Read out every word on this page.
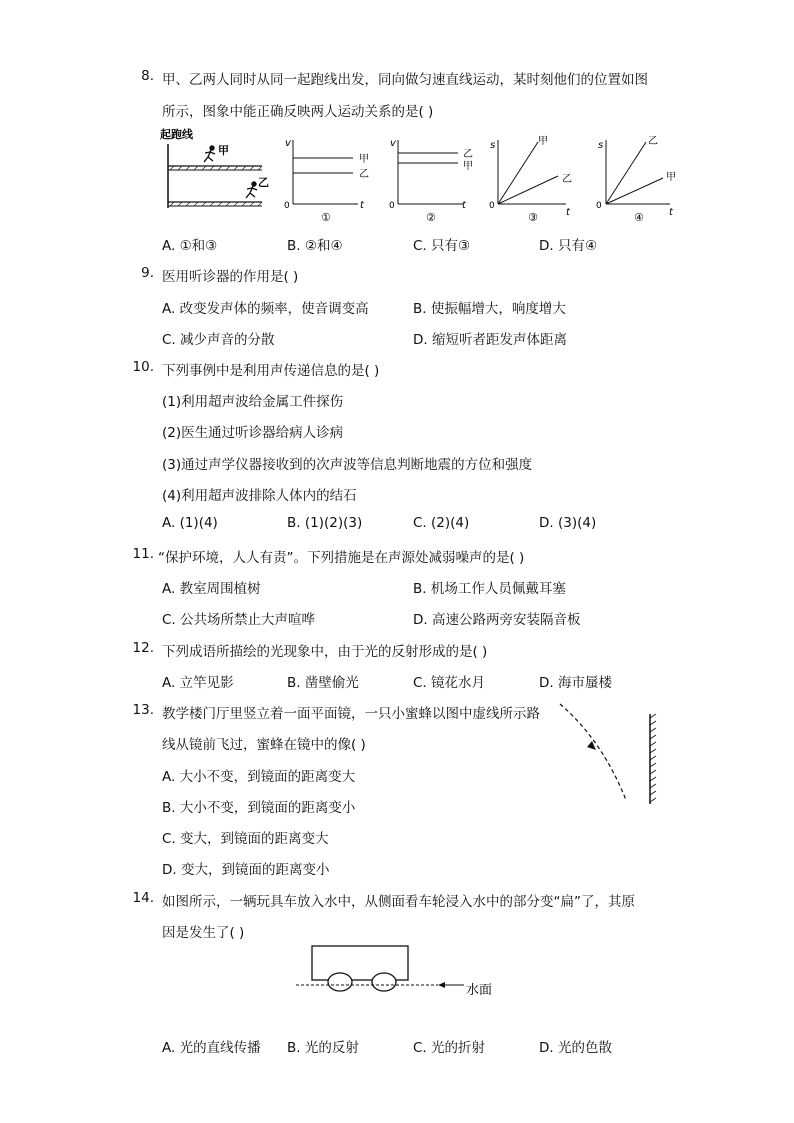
8. 甲、乙两人同时从同一起跑线出发，同向做匀速直线运动，某时刻他们的位置如图
所示，图象中能正确反映两人运动关系的是( )
起跑线
甲
乙
v
0	t
甲
乙
①
v
0	t
乙
甲
②
s
0
t
甲
乙
③
s
0
t
乙
甲
④
A. ①和③	B. ②和④	C. 只有③	D. 只有④
9. 医用听诊器的作用是( )
A. 改变发声体的频率，使音调变高	B. 使振幅增大，响度增大
C. 减少声音的分散	D. 缩短听者距发声体距离
10. 下列事例中是利用声传递信息的是( )
(1)利用超声波给金属工件探伤
(2)医生通过听诊器给病人诊病
(3)通过声学仪器接收到的次声波等信息判断地震的方位和强度
(4)利用超声波排除人体内的结石
A. (1)(4)	B. (1)(2)(3)	C. (2)(4)	D. (3)(4)
11. “保护环境，人人有责”。下列措施是在声源处减弱噪声的是( )
A. 教室周围植树	B. 机场工作人员佩戴耳塞
C. 公共场所禁止大声喧哗	D. 高速公路两旁安装隔音板
12. 下列成语所描绘的光现象中，由于光的反射形成的是( )
A. 立竿见影	B. 凿壁偷光	C. 镜花水月	D. 海市蜃楼
13. 教学楼门厅里竖立着一面平面镜，一只小蜜蜂以图中虚线所示路
线从镜前飞过，蜜蜂在镜中的像( )
A. 大小不变，到镜面的距离变大
B. 大小不变，到镜面的距离变小
C. 变大，到镜面的距离变大
D. 变大，到镜面的距离变小
14. 如图所示，一辆玩具车放入水中，从侧面看车轮浸入水中的部分变“扁”了，其原
因是发生了( )
水面
A. 光的直线传播 B. 光的反射	C. 光的折射	D. 光的色散
